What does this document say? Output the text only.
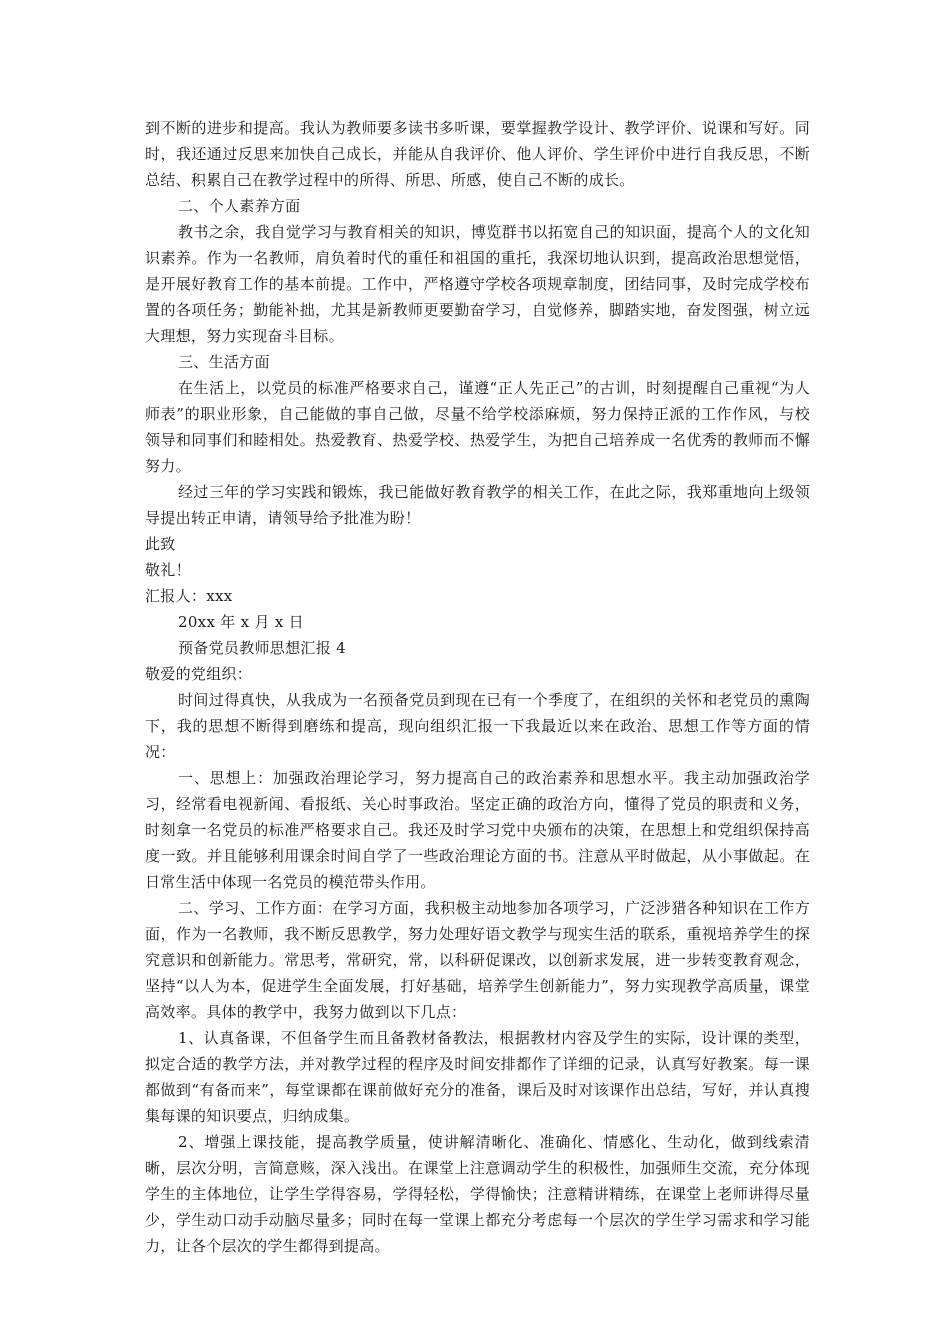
到不断的进步和提高。我认为教师要多读书多听课，要掌握教学设计、教学评价、说课和写好。同时，我还通过反思来加快自己成长，并能从自我评价、他人评价、学生评价中进行自我反思，不断总结、积累自己在教学过程中的所得、所思、所感，使自己不断的成长。

二、个人素养方面

教书之余，我自觉学习与教育相关的知识，博览群书以拓宽自己的知识面，提高个人的文化知识素养。作为一名教师，肩负着时代的重任和祖国的重托，我深切地认识到，提高政治思想觉悟，是开展好教育工作的基本前提。工作中，严格遵守学校各项规章制度，团结同事，及时完成学校布置的各项任务；勤能补拙，尤其是新教师更要勤奋学习，自觉修养，脚踏实地，奋发图强，树立远大理想，努力实现奋斗目标。

三、生活方面

在生活上，以党员的标准严格要求自己，谨遵“正人先正己”的古训，时刻提醒自己重视“为人师表”的职业形象，自己能做的事自己做，尽量不给学校添麻烦，努力保持正派的工作作风，与校领导和同事们和睦相处。热爱教育、热爱学校、热爱学生，为把自己培养成一名优秀的教师而不懈努力。

经过三年的学习实践和锻炼，我已能做好教育教学的相关工作，在此之际，我郑重地向上级领导提出转正申请，请领导给予批准为盼！

此致

敬礼！

汇报人：xxx

20xx 年 x 月 x 日

预备党员教师思想汇报 4

敬爱的党组织：

时间过得真快，从我成为一名预备党员到现在已有一个季度了，在组织的关怀和老党员的熏陶下，我的思想不断得到磨练和提高，现向组织汇报一下我最近以来在政治、思想工作等方面的情况：

一、思想上：加强政治理论学习，努力提高自己的政治素养和思想水平。我主动加强政治学习，经常看电视新闻、看报纸、关心时事政治。坚定正确的政治方向，懂得了党员的职责和义务，时刻拿一名党员的标准严格要求自己。我还及时学习党中央颁布的决策，在思想上和党组织保持高度一致。并且能够利用课余时间自学了一些政治理论方面的书。注意从平时做起，从小事做起。在日常生活中体现一名党员的模范带头作用。

二、学习、工作方面：在学习方面，我积极主动地参加各项学习，广泛涉猎各种知识在工作方面，作为一名教师，我不断反思教学，努力处理好语文教学与现实生活的联系，重视培养学生的探究意识和创新能力。常思考，常研究，常，以科研促课改，以创新求发展，进一步转变教育观念，坚持“以人为本，促进学生全面发展，打好基础，培养学生创新能力”，努力实现教学高质量，课堂高效率。具体的教学中，我努力做到以下几点：

1、认真备课，不但备学生而且备教材备教法，根据教材内容及学生的实际，设计课的类型，拟定合适的教学方法，并对教学过程的程序及时间安排都作了详细的记录，认真写好教案。每一课都做到“有备而来”，每堂课都在课前做好充分的准备，课后及时对该课作出总结，写好，并认真搜集每课的知识要点，归纳成集。

2、增强上课技能，提高教学质量，使讲解清晰化、准确化、情感化、生动化，做到线索清晰，层次分明，言简意赅，深入浅出。在课堂上注意调动学生的积极性，加强师生交流，充分体现学生的主体地位，让学生学得容易，学得轻松，学得愉快；注意精讲精练，在课堂上老师讲得尽量少，学生动口动手动脑尽量多；同时在每一堂课上都充分考虑每一个层次的学生学习需求和学习能力，让各个层次的学生都得到提高。
